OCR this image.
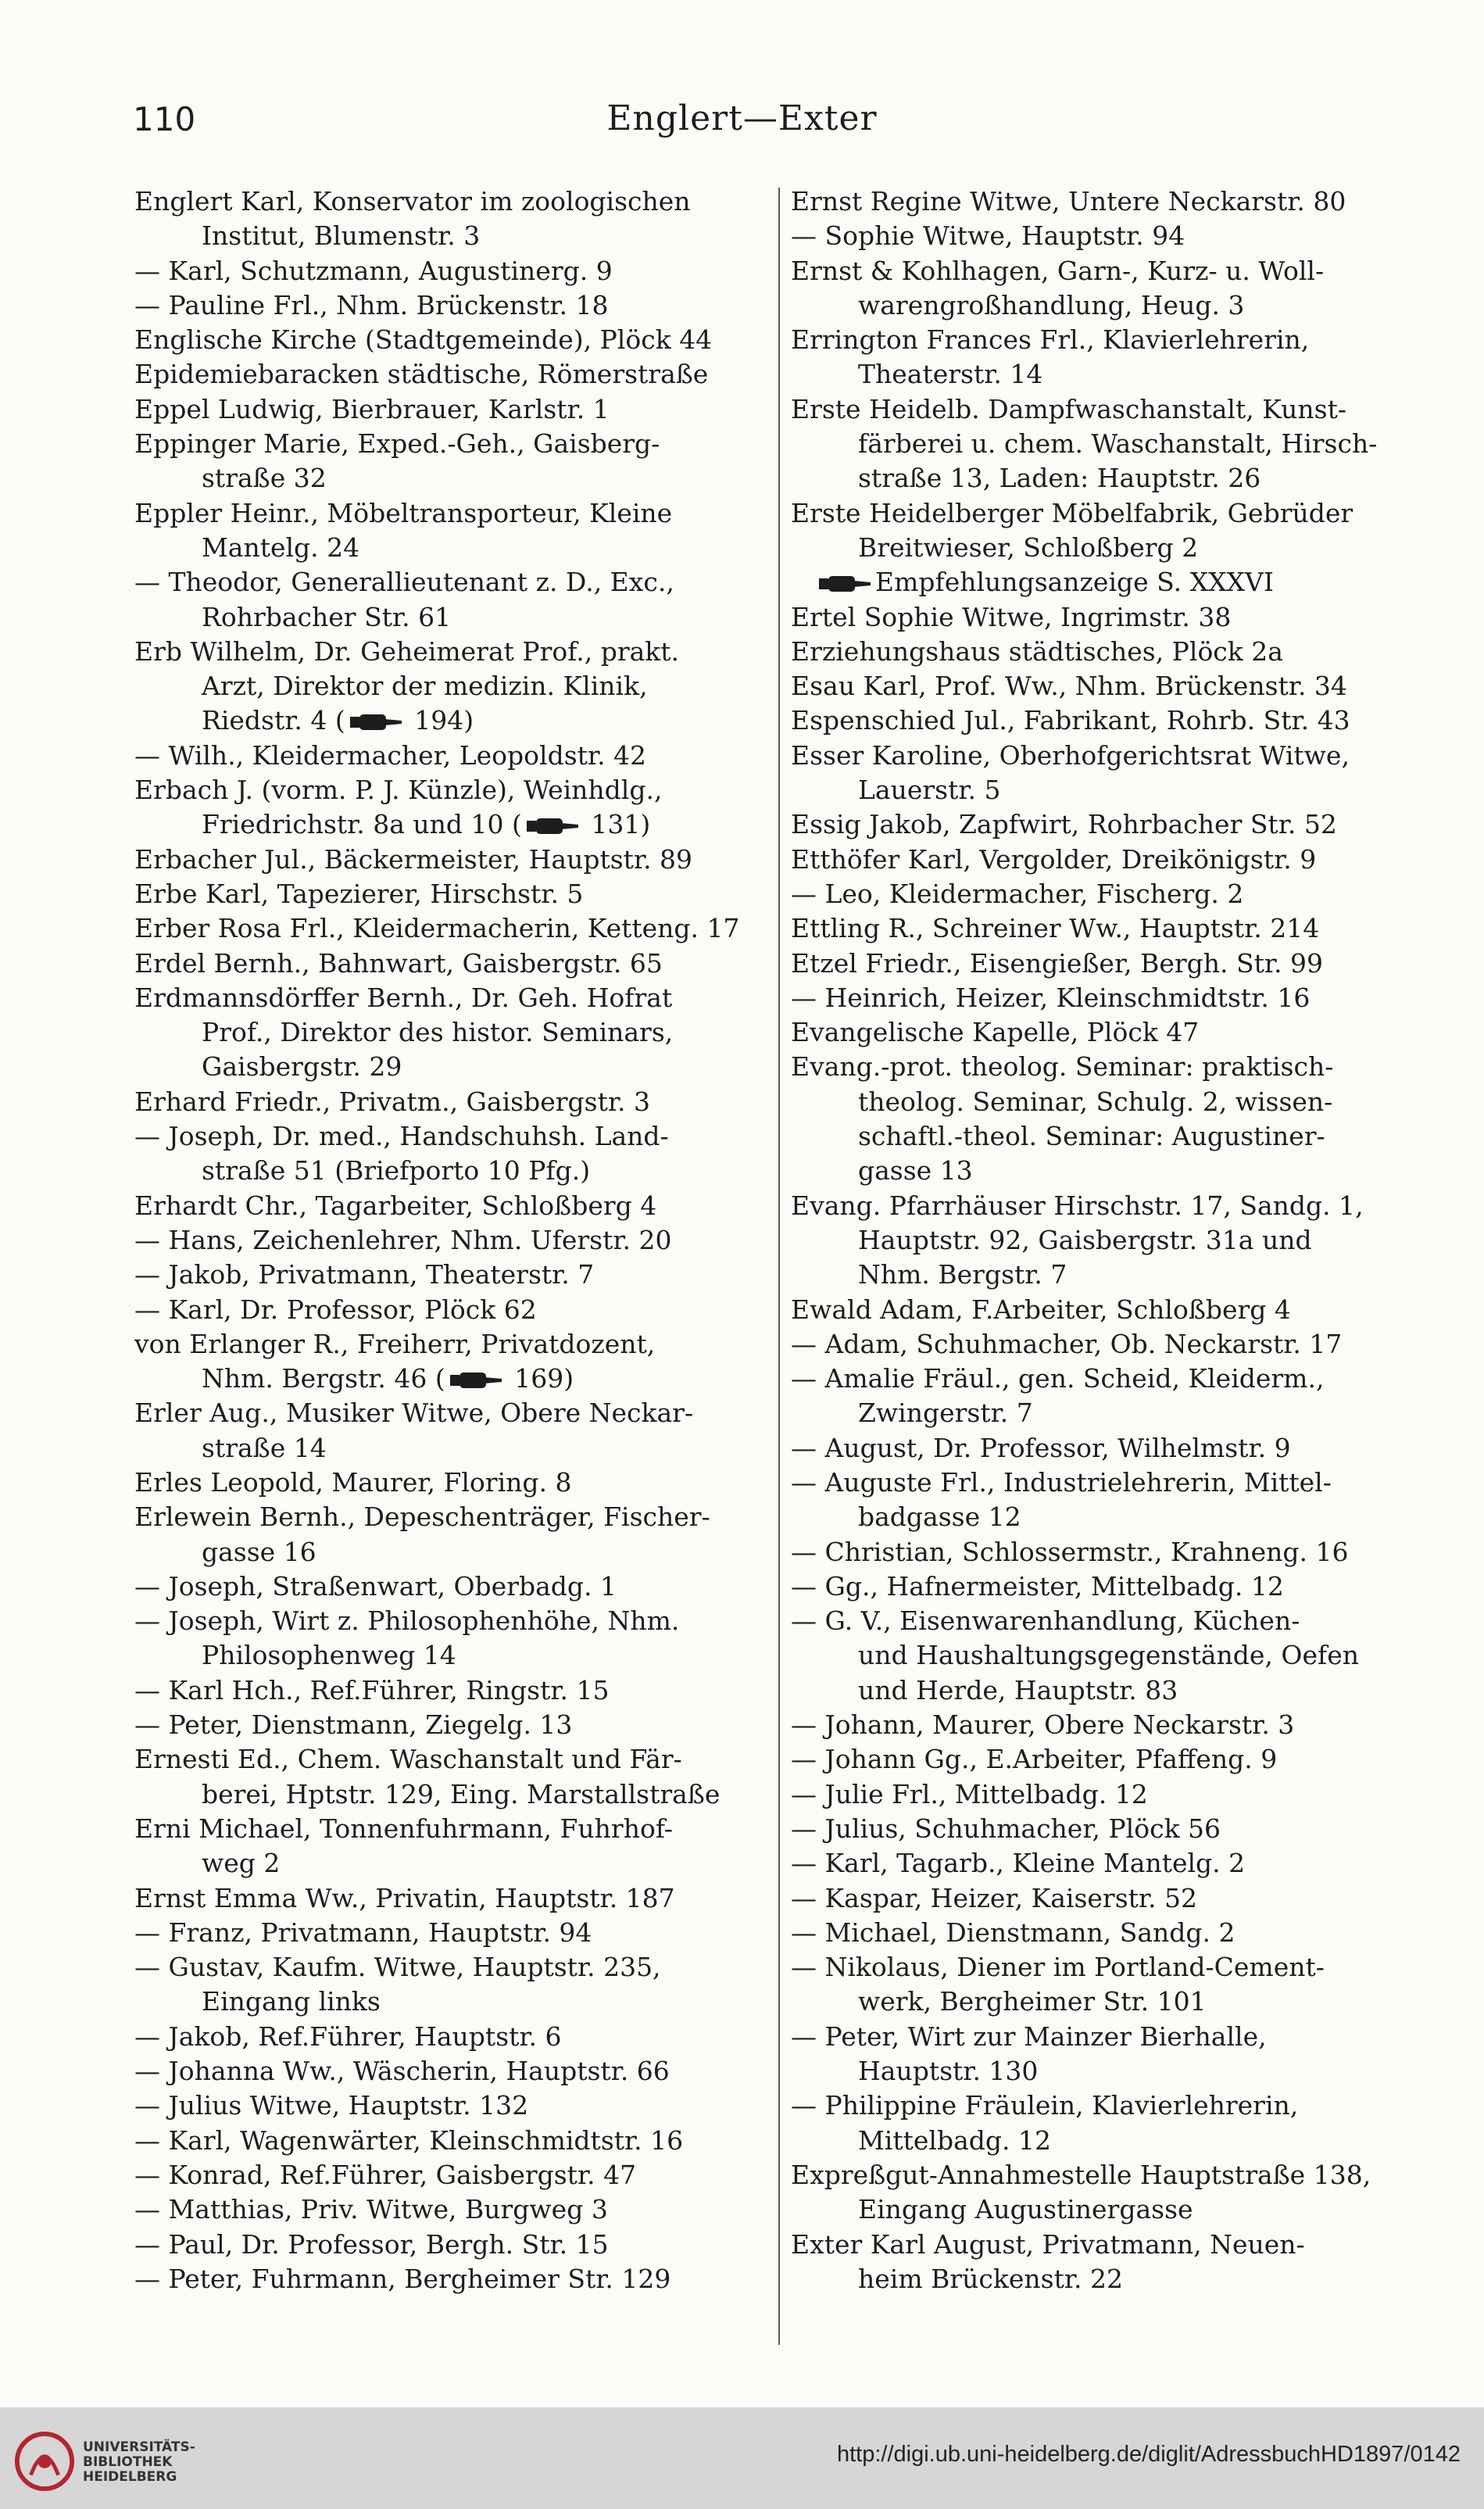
110	Englert—Exter
Englert Karl, Konservator im zoologischen
Institut, Blumenstr. 3
— Karl, Schutzmann, Augustinerg. 9
— Pauline Frl., Nhm. Brückenstr. 18
Englische Kirche (Stadtgemeinde), Plöck 44
Epidemiebaracken städtische, Römerstraße
Eppel Ludwig, Bierbrauer, Karlstr. 1
Eppinger Marie, Exped.-Geh., Gaisberg-
straße 32
Eppler Heinr., Möbeltransporteur, Kleine
Mantelg. 24
— Theodor, Generallieutenant z. D., Exc.,
Rohrbacher Str. 61
Erb Wilhelm, Dr. Geheimerat Prof., prakt.
Arzt, Direktor der medizin. Klinik,
Riedstr. 4 ( 194)
— Wilh., Kleidermacher, Leopoldstr. 42
Erbach J. (vorm. P. J. Künzle), Weinhdlg.,
Friedrichstr. 8a und 10 ( 131)
Erbacher Jul., Bäckermeister, Hauptstr. 89
Erbe Karl, Tapezierer, Hirschstr. 5
Erber Rosa Frl., Kleidermacherin, Ketteng. 17
Erdel Bernh., Bahnwart, Gaisbergstr. 65
Erdmannsdörffer Bernh., Dr. Geh. Hofrat
Prof., Direktor des histor. Seminars,
Gaisbergstr. 29
Erhard Friedr., Privatm., Gaisbergstr. 3
— Joseph, Dr. med., Handschuhsh. Land-
straße 51 (Briefporto 10 Pfg.)
Erhardt Chr., Tagarbeiter, Schloßberg 4
— Hans, Zeichenlehrer, Nhm. Uferstr. 20
— Jakob, Privatmann, Theaterstr. 7
— Karl, Dr. Professor, Plöck 62
von Erlanger R., Freiherr, Privatdozent,
Nhm. Bergstr. 46 ( 169)
Erler Aug., Musiker Witwe, Obere Neckar-
straße 14
Erles Leopold, Maurer, Floring. 8
Erlewein Bernh., Depeschenträger, Fischer-
gasse 16
— Joseph, Straßenwart, Oberbadg. 1
— Joseph, Wirt z. Philosophenhöhe, Nhm.
Philosophenweg 14
— Karl Hch., Ref.Führer, Ringstr. 15
— Peter, Dienstmann, Ziegelg. 13
Ernesti Ed., Chem. Waschanstalt und Fär-
berei, Hptstr. 129, Eing. Marstallstraße
Erni Michael, Tonnenfuhrmann, Fuhrhof-
weg 2
Ernst Emma Ww., Privatin, Hauptstr. 187
— Franz, Privatmann, Hauptstr. 94
— Gustav, Kaufm. Witwe, Hauptstr. 235,
Eingang links
— Jakob, Ref.Führer, Hauptstr. 6
— Johanna Ww., Wäscherin, Hauptstr. 66
— Julius Witwe, Hauptstr. 132
— Karl, Wagenwärter, Kleinschmidtstr. 16
— Konrad, Ref.Führer, Gaisbergstr. 47
— Matthias, Priv. Witwe, Burgweg 3
— Paul, Dr. Professor, Bergh. Str. 15
— Peter, Fuhrmann, Bergheimer Str. 129
Ernst Regine Witwe, Untere Neckarstr. 80
— Sophie Witwe, Hauptstr. 94
Ernst & Kohlhagen, Garn-, Kurz- u. Woll-
warengroßhandlung, Heug. 3
Errington Frances Frl., Klavierlehrerin,
Theaterstr. 14
Erste Heidelb. Dampfwaschanstalt, Kunst-
färberei u. chem. Waschanstalt, Hirsch-
straße 13, Laden: Hauptstr. 26
Erste Heidelberger Möbelfabrik, Gebrüder
Breitwieser, Schloßberg 2
Empfehlungsanzeige S. XXXVI
Ertel Sophie Witwe, Ingrimstr. 38
Erziehungshaus städtisches, Plöck 2a
Esau Karl, Prof. Ww., Nhm. Brückenstr. 34
Espenschied Jul., Fabrikant, Rohrb. Str. 43
Esser Karoline, Oberhofgerichtsrat Witwe,
Lauerstr. 5
Essig Jakob, Zapfwirt, Rohrbacher Str. 52
Etthöfer Karl, Vergolder, Dreikönigstr. 9
— Leo, Kleidermacher, Fischerg. 2
Ettling R., Schreiner Ww., Hauptstr. 214
Etzel Friedr., Eisengießer, Bergh. Str. 99
— Heinrich, Heizer, Kleinschmidtstr. 16
Evangelische Kapelle, Plöck 47
Evang.-prot. theolog. Seminar: praktisch-
theolog. Seminar, Schulg. 2, wissen-
schaftl.-theol. Seminar: Augustiner-
gasse 13
Evang. Pfarrhäuser Hirschstr. 17, Sandg. 1,
Hauptstr. 92, Gaisbergstr. 31a und
Nhm. Bergstr. 7
Ewald Adam, F.Arbeiter, Schloßberg 4
— Adam, Schuhmacher, Ob. Neckarstr. 17
— Amalie Fräul., gen. Scheid, Kleiderm.,
Zwingerstr. 7
— August, Dr. Professor, Wilhelmstr. 9
— Auguste Frl., Industrielehrerin, Mittel-
badgasse 12
— Christian, Schlossermstr., Krahneng. 16
— Gg., Hafnermeister, Mittelbadg. 12
— G. V., Eisenwarenhandlung, Küchen-
und Haushaltungsgegenstände, Oefen
und Herde, Hauptstr. 83
— Johann, Maurer, Obere Neckarstr. 3
— Johann Gg., E.Arbeiter, Pfaffeng. 9
— Julie Frl., Mittelbadg. 12
— Julius, Schuhmacher, Plöck 56
— Karl, Tagarb., Kleine Mantelg. 2
— Kaspar, Heizer, Kaiserstr. 52
— Michael, Dienstmann, Sandg. 2
— Nikolaus, Diener im Portland-Cement-
werk, Bergheimer Str. 101
— Peter, Wirt zur Mainzer Bierhalle,
Hauptstr. 130
— Philippine Fräulein, Klavierlehrerin,
Mittelbadg. 12
Expreßgut-Annahmestelle Hauptstraße 138,
Eingang Augustinergasse
Exter Karl August, Privatmann, Neuen-
heim Brückenstr. 22
UNIVERSITÄTS-
BIBLIOTHEK
HEIDELBERG
http://digi.ub.uni-heidelberg.de/diglit/AdressbuchHD1897/0142
